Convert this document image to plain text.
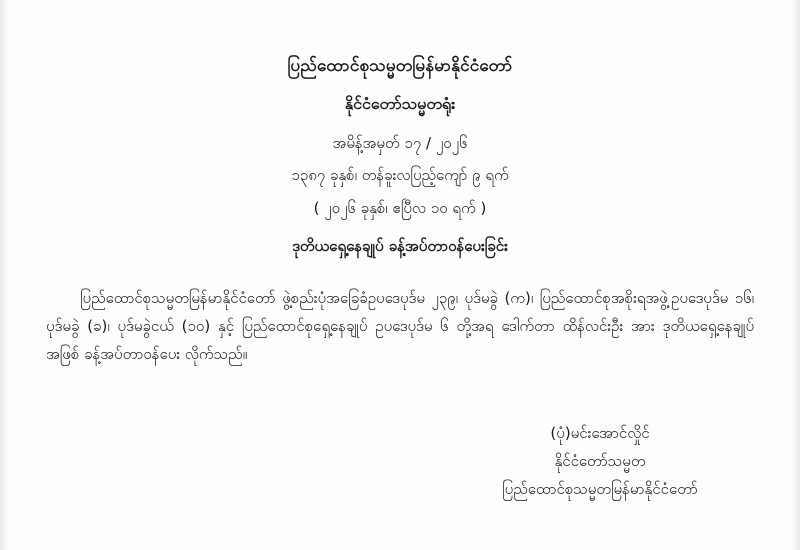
ပြည်ထောင်စုသမ္မတမြန်မာနိုင်ငံတော်
နိုင်ငံတော်သမ္မတရုံး
အမိန့်အမှတ် ၁၇ / ၂၀၂၆
၁၃၈၇ ခုနှစ်၊ တန်ခူးလပြည့်ကျော် ၉ ရက်
( ၂၀၂၆ ခုနှစ်၊ ဧပြီလ ၁၀ ရက် )
ဒုတိယရှေ့နေချုပ် ခန့်အပ်တာဝန်ပေးခြင်း
ပြည်ထောင်စုသမ္မတမြန်မာနိုင်ငံတော် ဖွဲ့စည်းပုံအခြေခံဥပဒေပုဒ်မ ၂၃၉၊ ပုဒ်မခွဲ (က)၊ ပြည်ထောင်စုအစိုးရအဖွဲ့ဥပဒေပုဒ်မ ၁၆၊ ပုဒ်မခွဲ (ခ)၊ ပုဒ်မခွဲငယ် (၁၀) နှင့် ပြည်ထောင်စုရှေ့နေချုပ် ဥပဒေပုဒ်မ ၆ တို့အရ ဒေါက်တာ ထိန်လင်းဦး အား ဒုတိယရှေ့နေချုပ် အဖြစ် ခန့်အပ်တာဝန်ပေး လိုက်သည်။
(ပုံ)မင်းအောင်လှိုင်
နိုင်ငံတော်သမ္မတ
ပြည်ထောင်စုသမ္မတမြန်မာနိုင်ငံတော်
